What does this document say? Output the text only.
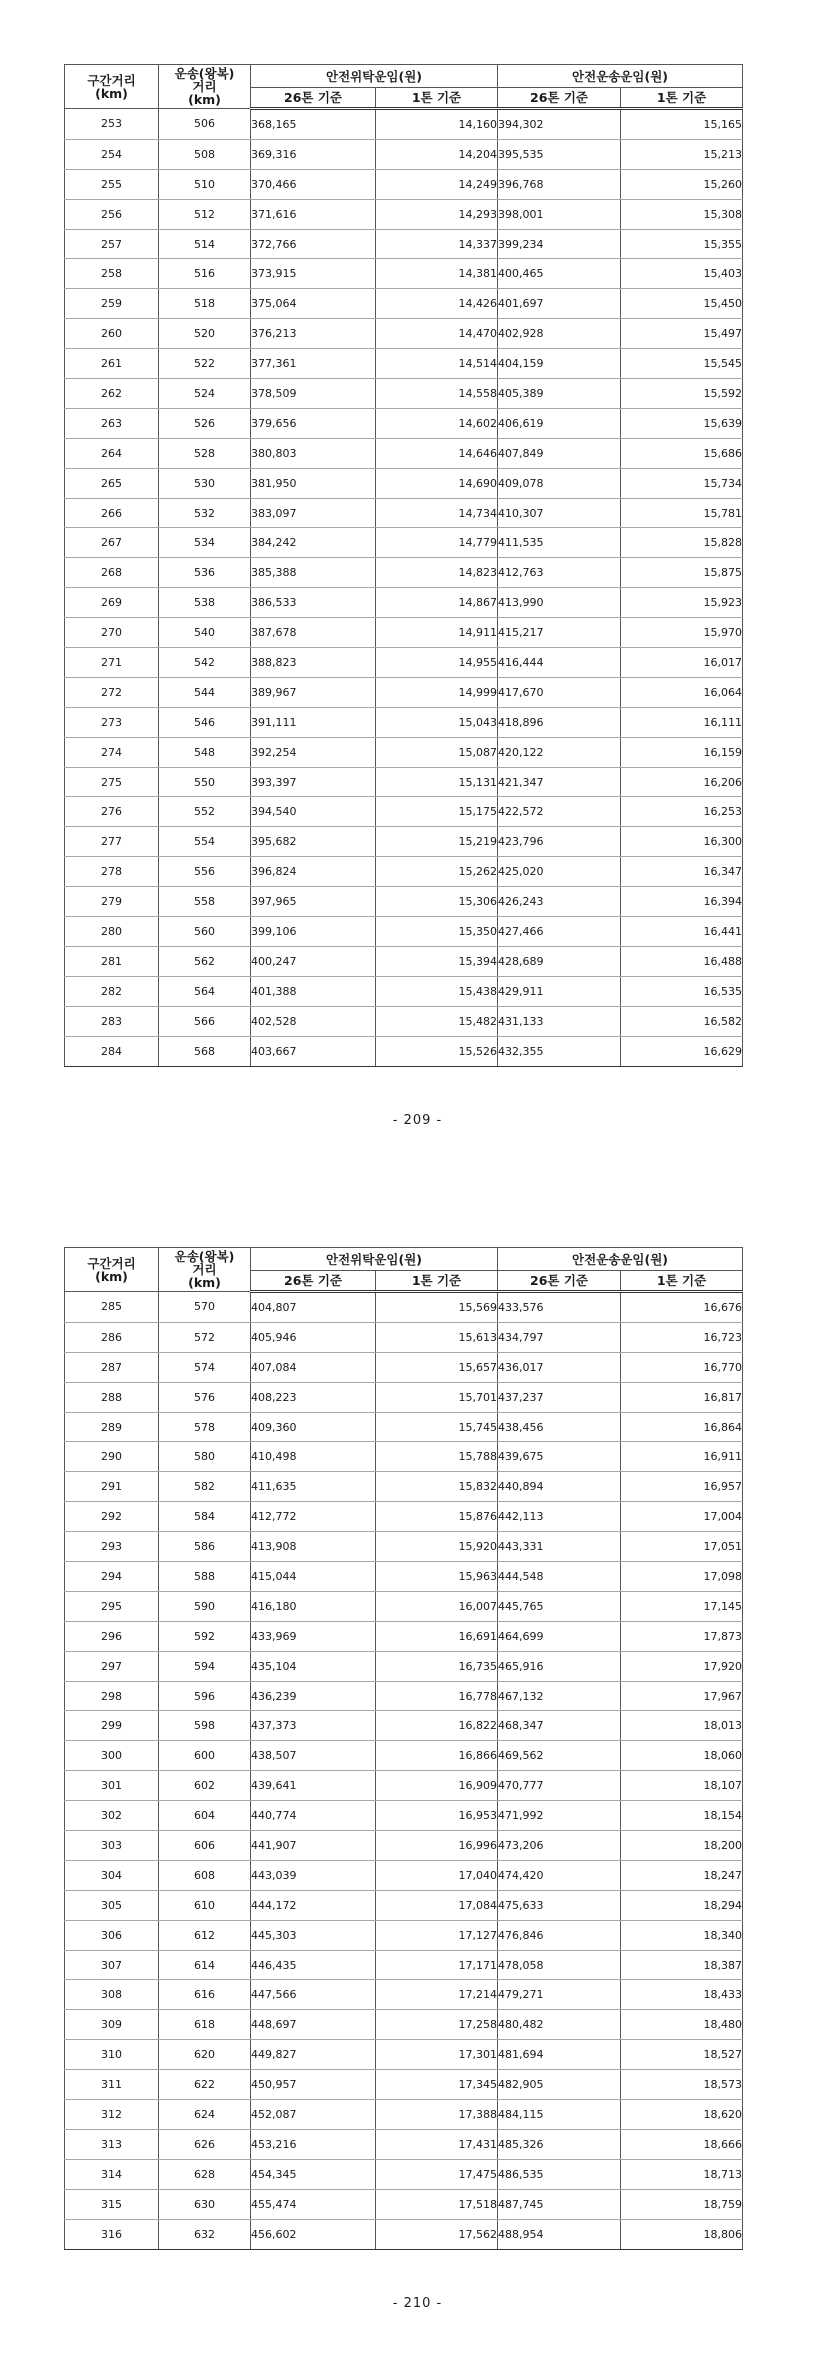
구간거리
(km)	운송(왕복)
거리
(km)	안전위탁운임(원)		안전운송운임(원)	
		26톤 기준	1톤 기준	26톤 기준	1톤 기준
253	506	368,165	14,160	394,302	15,165
254	508	369,316	14,204	395,535	15,213
255	510	370,466	14,249	396,768	15,260
256	512	371,616	14,293	398,001	15,308
257	514	372,766	14,337	399,234	15,355
258	516	373,915	14,381	400,465	15,403
259	518	375,064	14,426	401,697	15,450
260	520	376,213	14,470	402,928	15,497
261	522	377,361	14,514	404,159	15,545
262	524	378,509	14,558	405,389	15,592
263	526	379,656	14,602	406,619	15,639
264	528	380,803	14,646	407,849	15,686
265	530	381,950	14,690	409,078	15,734
266	532	383,097	14,734	410,307	15,781
267	534	384,242	14,779	411,535	15,828
268	536	385,388	14,823	412,763	15,875
269	538	386,533	14,867	413,990	15,923
270	540	387,678	14,911	415,217	15,970
271	542	388,823	14,955	416,444	16,017
272	544	389,967	14,999	417,670	16,064
273	546	391,111	15,043	418,896	16,111
274	548	392,254	15,087	420,122	16,159
275	550	393,397	15,131	421,347	16,206
276	552	394,540	15,175	422,572	16,253
277	554	395,682	15,219	423,796	16,300
278	556	396,824	15,262	425,020	16,347
279	558	397,965	15,306	426,243	16,394
280	560	399,106	15,350	427,466	16,441
281	562	400,247	15,394	428,689	16,488
282	564	401,388	15,438	429,911	16,535
283	566	402,528	15,482	431,133	16,582
284	568	403,667	15,526	432,355	16,629
- 209 -
구간거리
(km)	운송(왕복)
거리
(km)	안전위탁운임(원)		안전운송운임(원)	
		26톤 기준	1톤 기준	26톤 기준	1톤 기준
285	570	404,807	15,569	433,576	16,676
286	572	405,946	15,613	434,797	16,723
287	574	407,084	15,657	436,017	16,770
288	576	408,223	15,701	437,237	16,817
289	578	409,360	15,745	438,456	16,864
290	580	410,498	15,788	439,675	16,911
291	582	411,635	15,832	440,894	16,957
292	584	412,772	15,876	442,113	17,004
293	586	413,908	15,920	443,331	17,051
294	588	415,044	15,963	444,548	17,098
295	590	416,180	16,007	445,765	17,145
296	592	433,969	16,691	464,699	17,873
297	594	435,104	16,735	465,916	17,920
298	596	436,239	16,778	467,132	17,967
299	598	437,373	16,822	468,347	18,013
300	600	438,507	16,866	469,562	18,060
301	602	439,641	16,909	470,777	18,107
302	604	440,774	16,953	471,992	18,154
303	606	441,907	16,996	473,206	18,200
304	608	443,039	17,040	474,420	18,247
305	610	444,172	17,084	475,633	18,294
306	612	445,303	17,127	476,846	18,340
307	614	446,435	17,171	478,058	18,387
308	616	447,566	17,214	479,271	18,433
309	618	448,697	17,258	480,482	18,480
310	620	449,827	17,301	481,694	18,527
311	622	450,957	17,345	482,905	18,573
312	624	452,087	17,388	484,115	18,620
313	626	453,216	17,431	485,326	18,666
314	628	454,345	17,475	486,535	18,713
315	630	455,474	17,518	487,745	18,759
316	632	456,602	17,562	488,954	18,806
- 210 -
